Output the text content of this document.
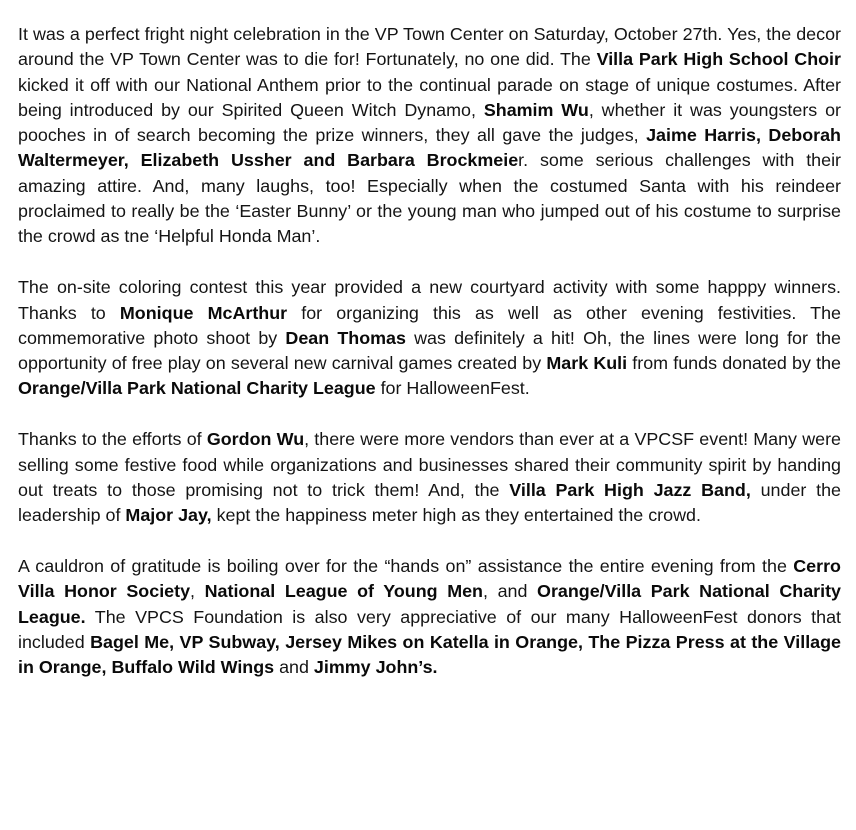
It was a perfect fright night celebration in the VP Town Center on Saturday, October 27th. Yes, the decor around the VP Town Center was to die for! Fortunately, no one did. The Villa Park High School Choir kicked it off with our National Anthem prior to the continual parade on stage of unique costumes. After being introduced by our Spirited Queen Witch Dynamo, Shamim Wu, whether it was youngsters or pooches in of search becoming the prize winners, they all gave the judges, Jaime Harris, Deborah Waltermeyer, Elizabeth Ussher and Barbara Brockmeier. some serious challenges with their amazing attire. And, many laughs, too! Especially when the costumed Santa with his reindeer proclaimed to really be the ‘Easter Bunny’ or the young man who jumped out of his costume to surprise the crowd as tne ‘Helpful Honda Man’.

The on-site coloring contest this year provided a new courtyard activity with some happpy winners. Thanks to Monique McArthur for organizing this as well as other evening festivities. The commemorative photo shoot by Dean Thomas was definitely a hit! Oh, the lines were long for the opportunity of free play on several new carnival games created by Mark Kuli from funds donated by the Orange/Villa Park National Charity League for HalloweenFest.

Thanks to the efforts of Gordon Wu, there were more vendors than ever at a VPCSF event! Many were selling some festive food while organizations and businesses shared their community spirit by handing out treats to those promising not to trick them! And, the Villa Park High Jazz Band, under the leadership of Major Jay, kept the happiness meter high as they entertained the crowd.

A cauldron of gratitude is boiling over for the “hands on” assistance the entire evening from the Cerro Villa Honor Society, National League of Young Men, and Orange/Villa Park National Charity League. The VPCS Foundation is also very appreciative of our many HalloweenFest donors that included Bagel Me, VP Subway, Jersey Mikes on Katella in Orange, The Pizza Press at the Village in Orange, Buffalo Wild Wings and Jimmy John’s.
